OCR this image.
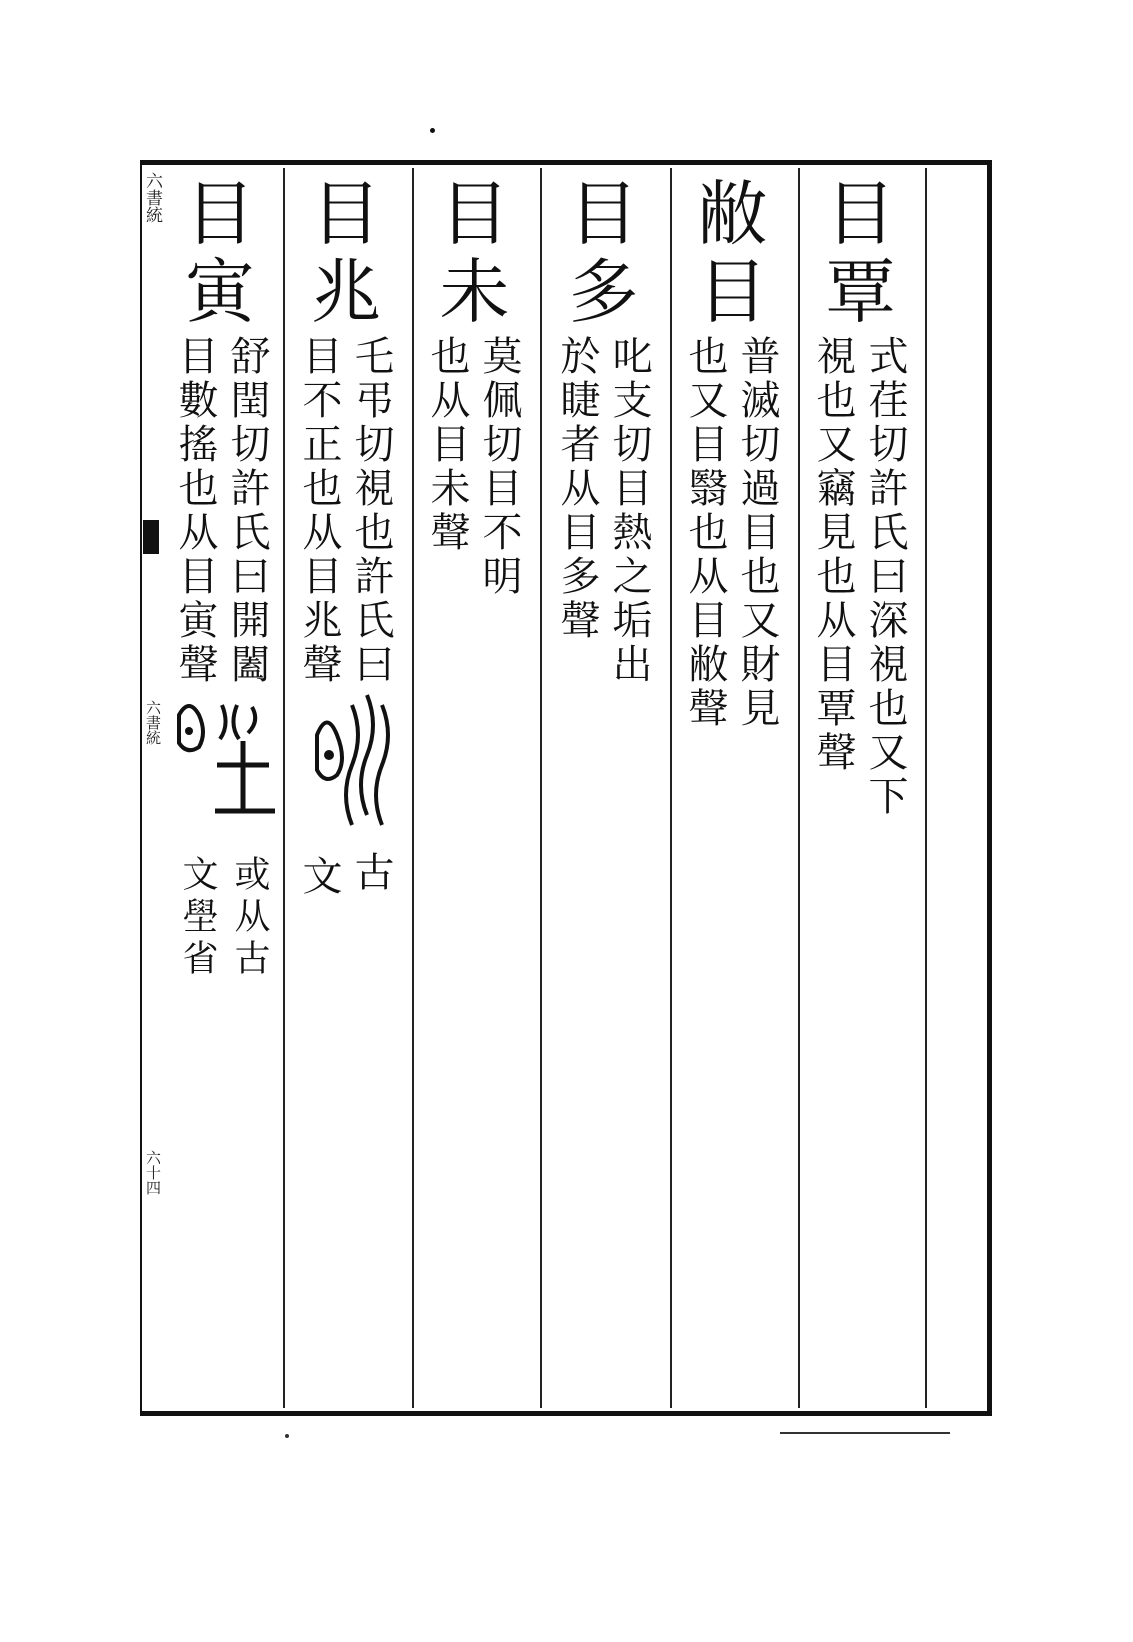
六書統
六書統
六十四
目覃
式荏切許氏曰深視也又下
視也又竊見也从目覃聲
敝目
普滅切過目也又財見
也又目翳也从目敝聲
目多
叱支切目熱之垢出
於睫者从目多聲
目未
莫佩切目不明
也从目未聲
目兆
乇弔切視也許氏曰
目不正也从目兆聲
古
文
目寅
舒閏切許氏曰開闔
目數搖也从目寅聲
或从古
文壆省
